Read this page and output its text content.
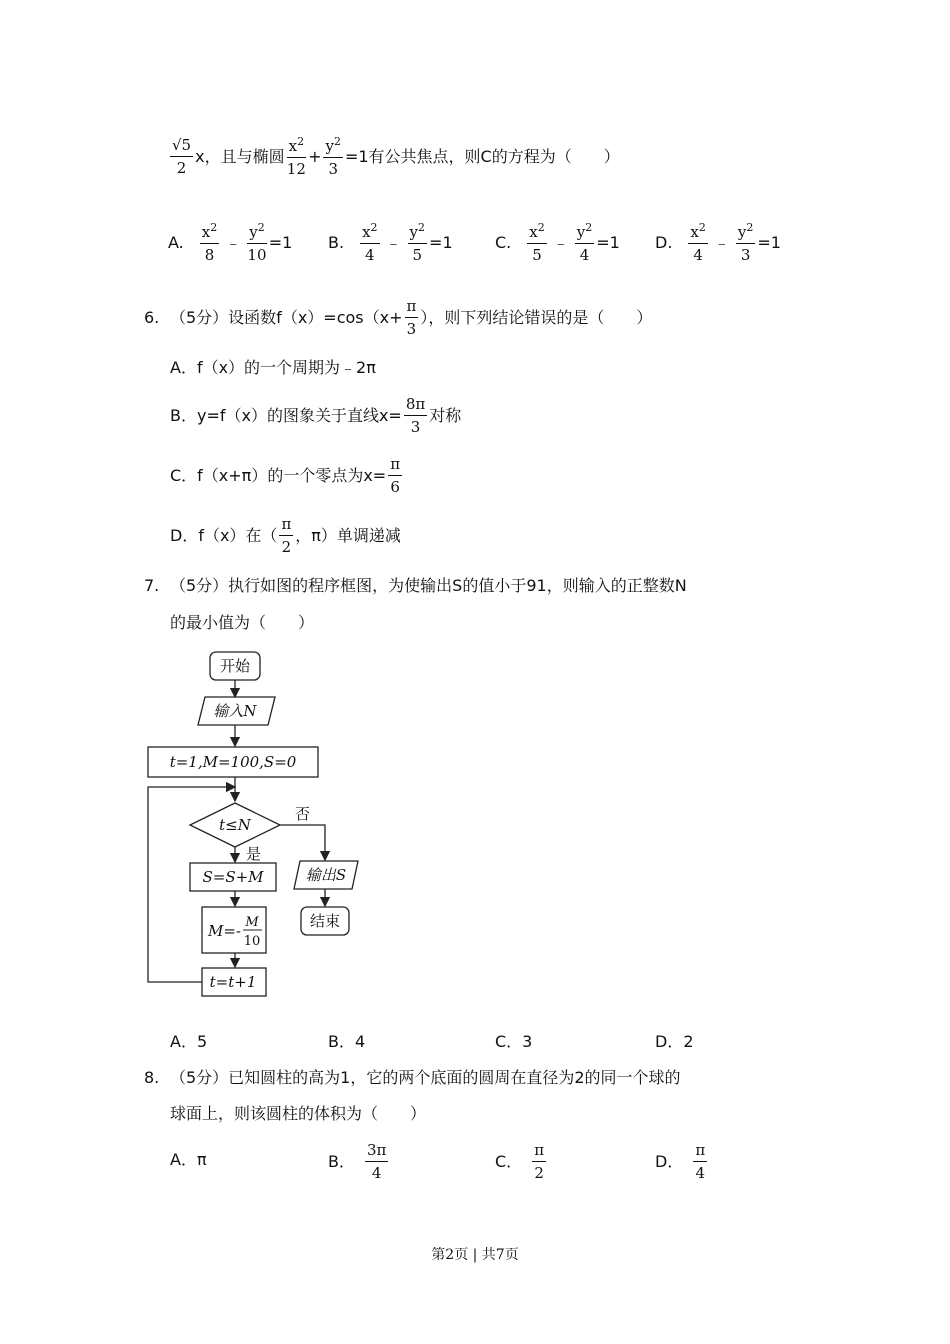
$\frac{√5}{2}$ x，且与椭圆 $\frac{x^2}{12} + \frac{y^2}{3} =1$有公共焦点，则C的方程为（　　）
A. $\frac{x^2}{8}$ ﹣ $\frac{y^2}{10} =1$ B. $\frac{x^2}{4}$ ﹣ $\frac{y^2}{5} =1$	C. $\frac{x^2}{5}$ ﹣ $\frac{y^2}{4} =1$ D. $\frac{x^2}{4}$ ﹣ $\frac{y^2}{3} =1$
6. （5分）设函数$f(x)=\cos(x+ \frac{\pi}{3}$ ），则下列结论错误的是（　　）
A．f（x）的一个周期为﹣2π
B．y=f（x）的图象关于直线$x= \frac{8\pi}{3}$ 对称
C．f（x+π）的一个零点为$x= \frac{\pi}{6}$
D．f（x）在（ $\frac{\pi}{2}$ ，π）单调递减
7. （5分）执行如图的程序框图，为使输出S的值小于91，则输入的正整数N
的最小值为（　　）
开始
输入N
t=1,M=100,S=0
t≤N
否
是
S=S+M
M=- M
10
t=t+1
输出S
结束
A．5	B．4	C．3	D．2
8. （5分）已知圆柱的高为1，它的两个底面的圆周在直径为2的同一个球的
球面上，则该圆柱的体积为（　　）
A．π	B． $\frac{3\pi}{4}$	C． $\frac{\pi}{2}$	D． $\frac{\pi}{4}$
第2页 | 共7页
